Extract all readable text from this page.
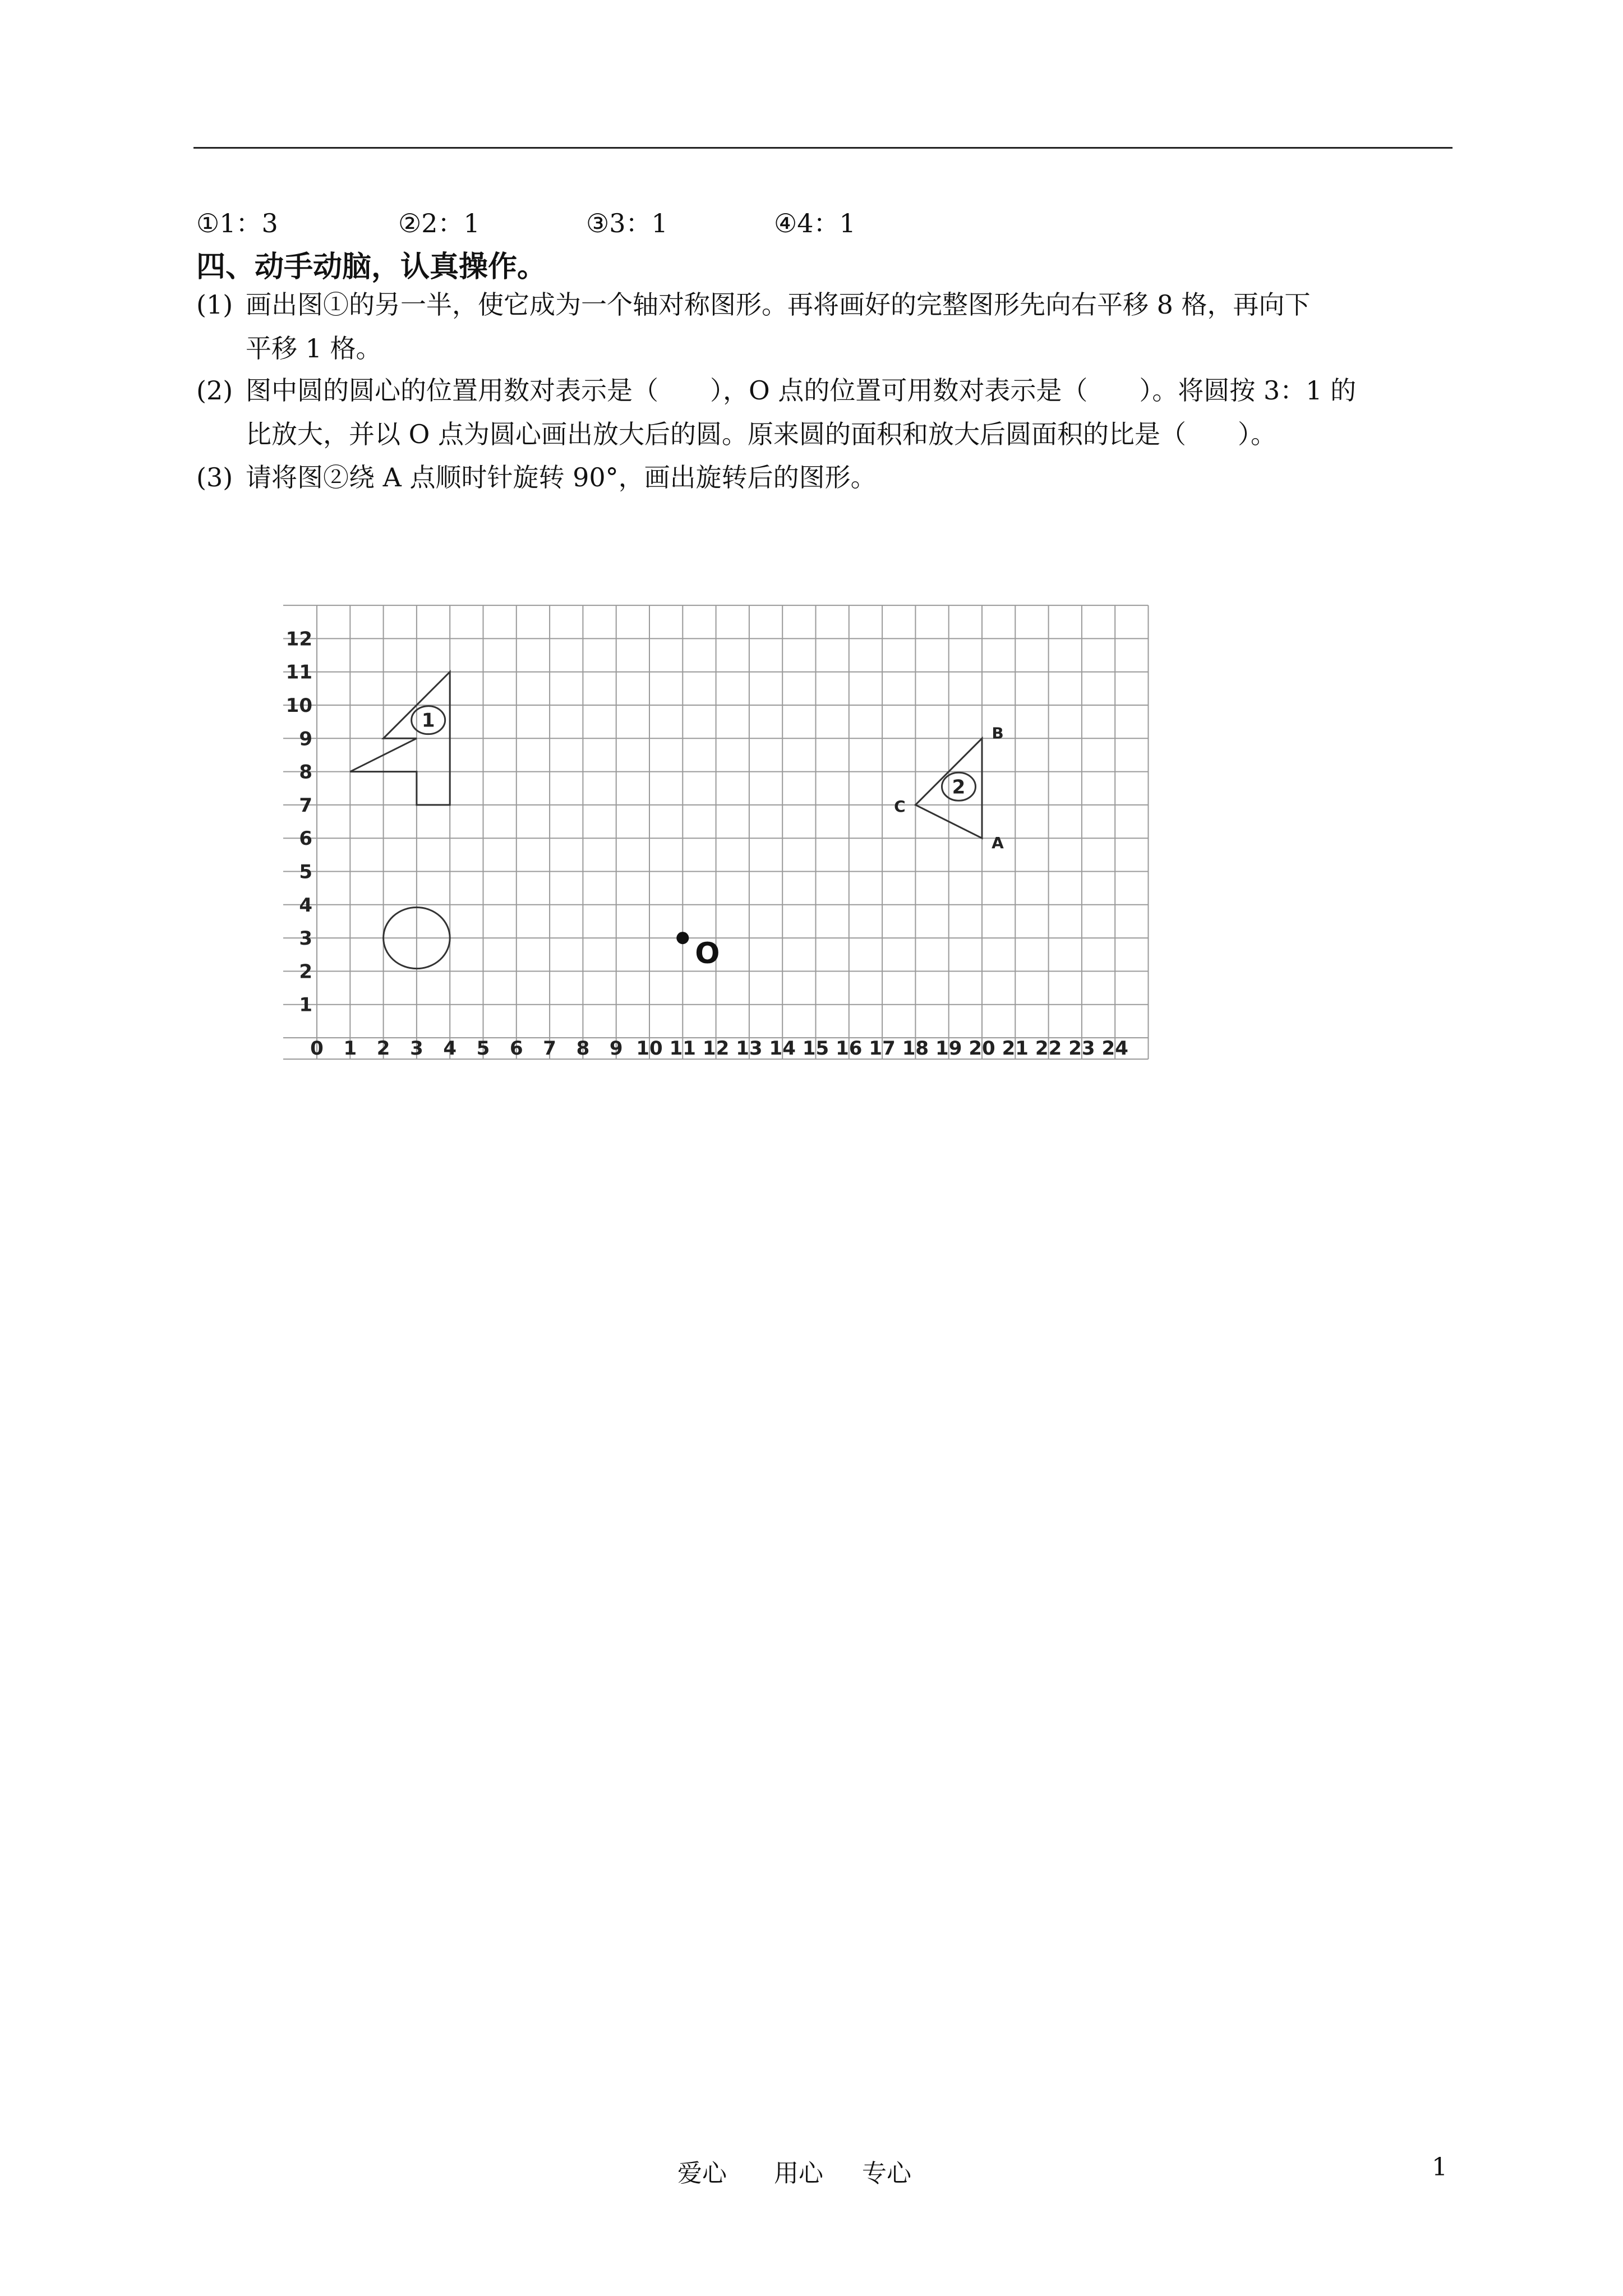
①1：3	②2：1	③3：1	④4：1
四、动手动脑，认真操作。
(1) 画出图①的另一半，使它成为一个轴对称图形。再将画好的完整图形先向右平移 8 格，再向下
平移 1 格。
(2) 图中圆的圆心的位置用数对表示是（　　），O 点的位置可用数对表示是（　　）。将圆按 3：1 的
比放大，并以 O 点为圆心画出放大后的圆。原来圆的面积和放大后圆面积的比是（　　）。
(3) 请将图②绕 A 点顺时针旋转 90°，画出旋转后的图形。
0 1 2 3 4 5 6 7 8 9 10 11 12 13 14 15 16 17 18 19 20 21 22 23 24
1
2
3
4
5
6
7
8
9
10
11
12
1
2
A
B
C
O
爱心 用心 专心	1
